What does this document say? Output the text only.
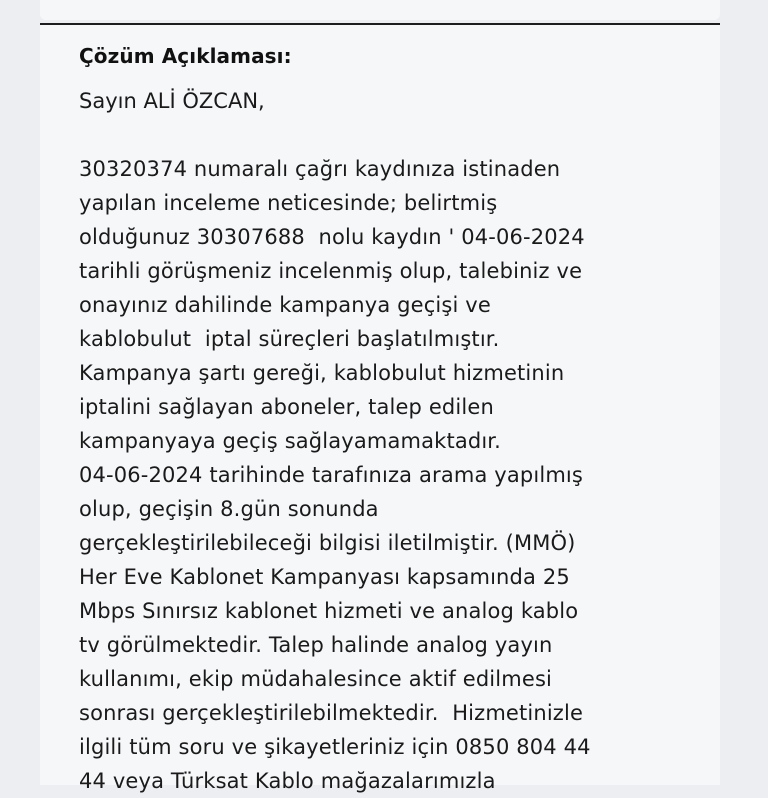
Çözüm Açıklaması:
Sayın ALİ ÖZCAN,
30320374 numaralı çağrı kaydınıza istinaden
yapılan inceleme neticesinde; belirtmiş
olduğunuz 30307688  nolu kaydın ' 04-06-2024
tarihli görüşmeniz incelenmiş olup, talebiniz ve
onayınız dahilinde kampanya geçişi ve
kablobulut  iptal süreçleri başlatılmıştır.
Kampanya şartı gereği, kablobulut hizmetinin
iptalini sağlayan aboneler, talep edilen
kampanyaya geçiş sağlayamamaktadır.
04-06-2024 tarihinde tarafınıza arama yapılmış
olup, geçişin 8.gün sonunda
gerçekleştirilebileceği bilgisi iletilmiştir. (MMÖ)
Her Eve Kablonet Kampanyası kapsamında 25
Mbps Sınırsız kablonet hizmeti ve analog kablo
tv görülmektedir. Talep halinde analog yayın
kullanımı, ekip müdahalesince aktif edilmesi
sonrası gerçekleştirilebilmektedir.  Hizmetinizle
ilgili tüm soru ve şikayetleriniz için 0850 804 44
44 veya Türksat Kablo mağazalarımızla
